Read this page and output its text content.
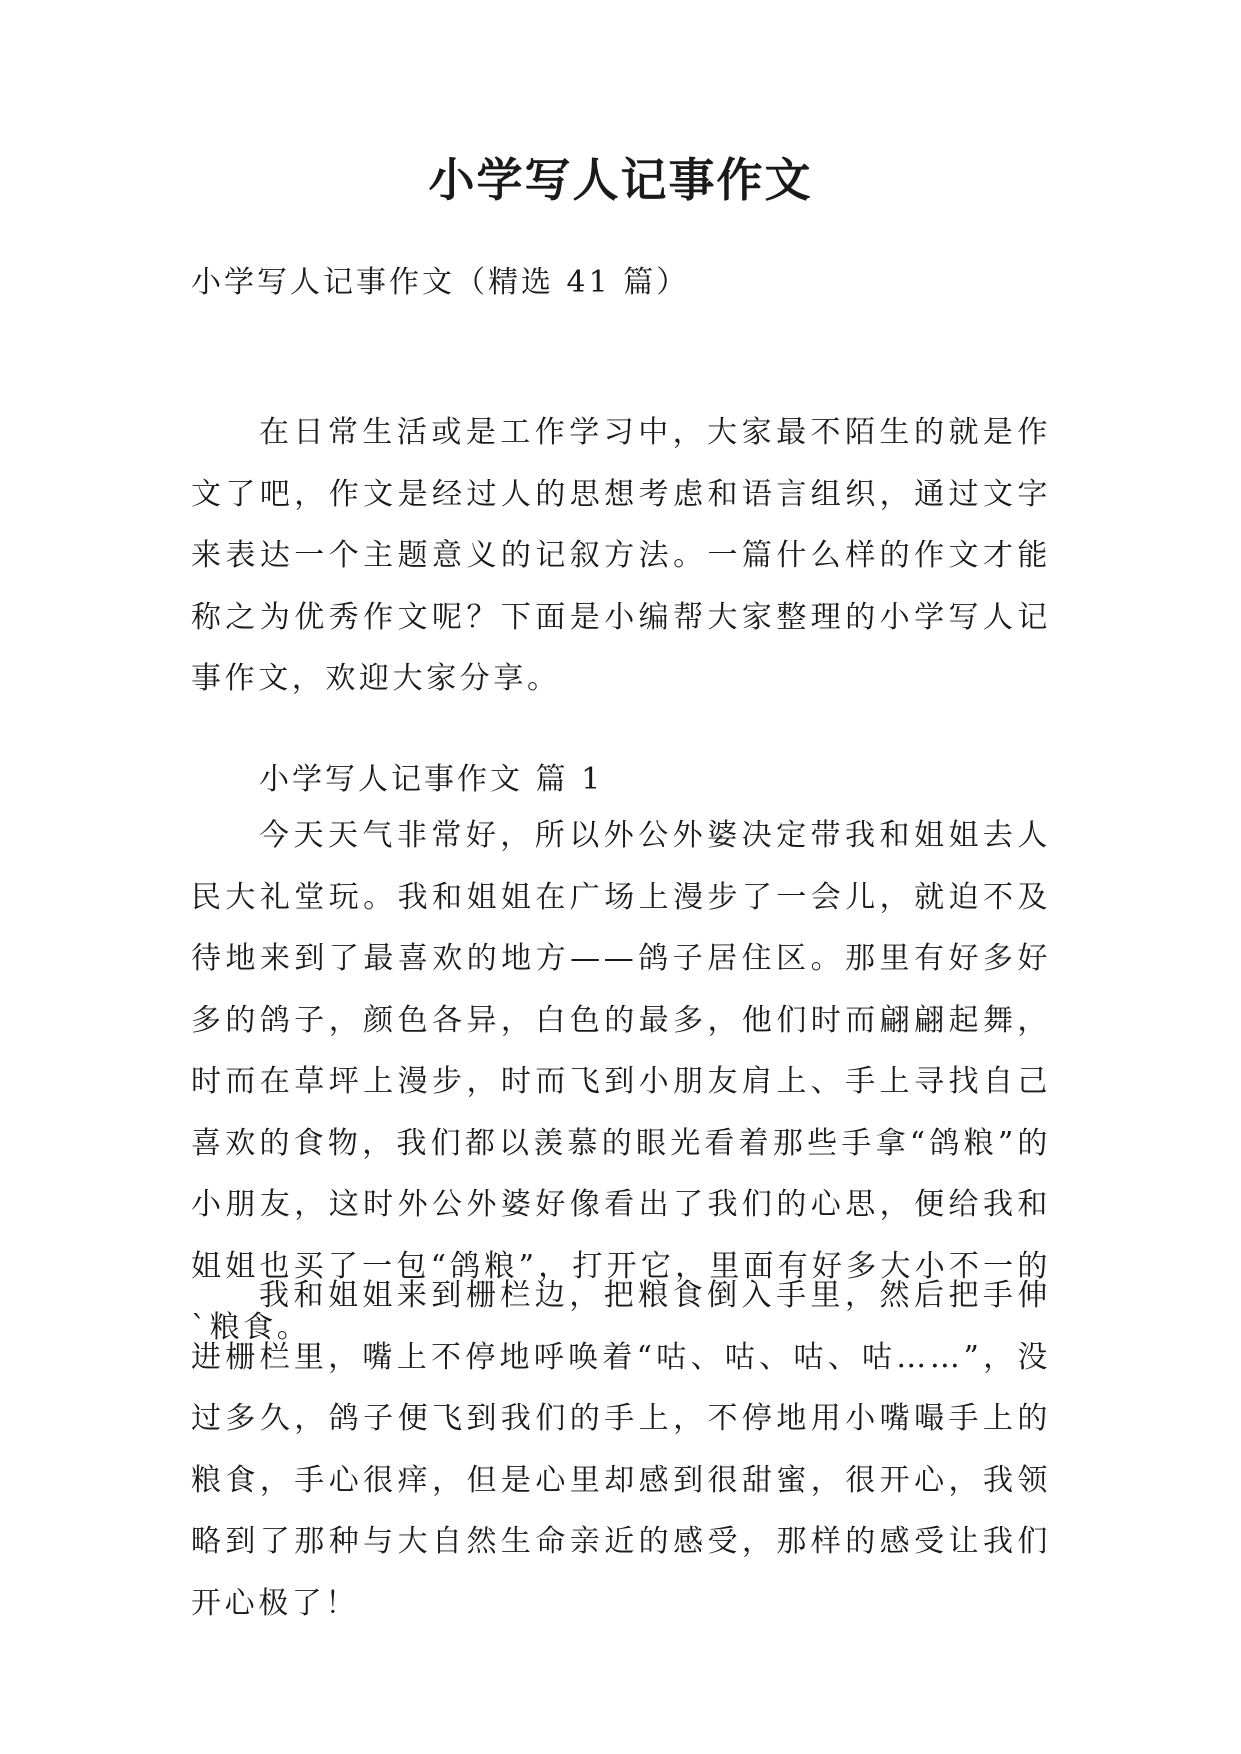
小学写人记事作文

小学写人记事作文（精选 41 篇）

在日常生活或是工作学习中，大家最不陌生的就是作文了吧，作文是经过人的思想考虑和语言组织，通过文字来表达一个主题意义的记叙方法。一篇什么样的作文才能称之为优秀作文呢？下面是小编帮大家整理的小学写人记事作文，欢迎大家分享。

小学写人记事作文 篇 1

今天天气非常好，所以外公外婆决定带我和姐姐去人民大礼堂玩。我和姐姐在广场上漫步了一会儿，就迫不及待地来到了最喜欢的地方——鸽子居住区。那里有好多好多的鸽子，颜色各异，白色的最多，他们时而翩翩起舞，时而在草坪上漫步，时而飞到小朋友肩上、手上寻找自己喜欢的食物，我们都以羡慕的眼光看着那些手拿“鸽粮”的小朋友，这时外公外婆好像看出了我们的心思，便给我和姐姐也买了一包“鸽粮”，打开它，里面有好多大小不一的`粮食。

我和姐姐来到栅栏边，把粮食倒入手里，然后把手伸进栅栏里，嘴上不停地呼唤着“咕、咕、咕、咕……”，没过多久，鸽子便飞到我们的手上，不停地用小嘴嘬手上的粮食，手心很痒，但是心里却感到很甜蜜，很开心，我领略到了那种与大自然生命亲近的感受，那样的感受让我们开心极了！
